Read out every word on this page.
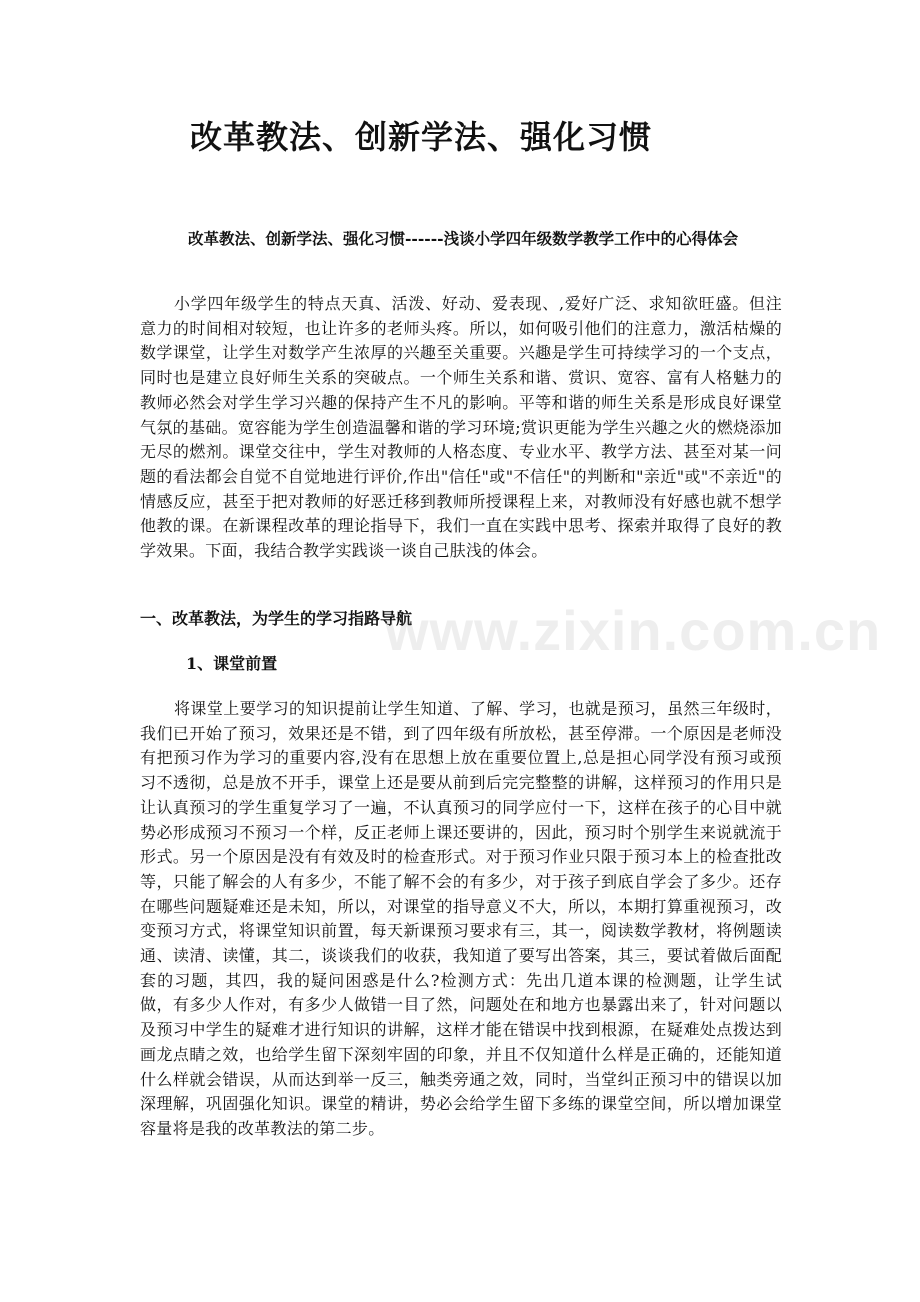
改革教法、创新学法、强化习惯

改革教法、创新学法、强化习惯------浅谈小学四年级数学教学工作中的心得体会

小学四年级学生的特点天真、活泼、好动、爱表现、,爱好广泛、求知欲旺盛。但注意力的时间相对较短，也让许多的老师头疼。所以，如何吸引他们的注意力，激活枯燥的数学课堂，让学生对数学产生浓厚的兴趣至关重要。兴趣是学生可持续学习的一个支点，同时也是建立良好师生关系的突破点。一个师生关系和谐、赏识、宽容、富有人格魅力的教师必然会对学生学习兴趣的保持产生不凡的影响。平等和谐的师生关系是形成良好课堂气氛的基础。宽容能为学生创造温馨和谐的学习环境;赏识更能为学生兴趣之火的燃烧添加无尽的燃剂。课堂交往中，学生对教师的人格态度、专业水平、教学方法、甚至对某一问题的看法都会自觉不自觉地进行评价,作出"信任"或"不信任"的判断和"亲近"或"不亲近"的情感反应，甚至于把对教师的好恶迁移到教师所授课程上来，对教师没有好感也就不想学他教的课。在新课程改革的理论指导下，我们一直在实践中思考、探索并取得了良好的教学效果。下面，我结合教学实践谈一谈自己肤浅的体会。

一、改革教法，为学生的学习指路导航
1、课堂前置

将课堂上要学习的知识提前让学生知道、了解、学习，也就是预习，虽然三年级时，我们已开始了预习，效果还是不错，到了四年级有所放松，甚至停滞。一个原因是老师没有把预习作为学习的重要内容,没有在思想上放在重要位置上,总是担心同学没有预习或预习不透彻，总是放不开手，课堂上还是要从前到后完完整整的讲解，这样预习的作用只是让认真预习的学生重复学习了一遍，不认真预习的同学应付一下，这样在孩子的心目中就势必形成预习不预习一个样，反正老师上课还要讲的，因此，预习时个别学生来说就流于形式。另一个原因是没有有效及时的检查形式。对于预习作业只限于预习本上的检查批改等，只能了解会的人有多少，不能了解不会的有多少，对于孩子到底自学会了多少。还存在哪些问题疑难还是未知，所以，对课堂的指导意义不大，所以，本期打算重视预习，改变预习方式，将课堂知识前置，每天新课预习要求有三，其一，阅读数学教材，将例题读通、读清、读懂，其二，谈谈我们的收获，我知道了要写出答案，其三，要试着做后面配套的习题，其四，我的疑问困惑是什么?检测方式：先出几道本课的检测题，让学生试做，有多少人作对，有多少人做错一目了然，问题处在和地方也暴露出来了，针对问题以及预习中学生的疑难才进行知识的讲解，这样才能在错误中找到根源，在疑难处点拨达到画龙点睛之效，也给学生留下深刻牢固的印象，并且不仅知道什么样是正确的，还能知道什么样就会错误，从而达到举一反三，触类旁通之效，同时，当堂纠正预习中的错误以加深理解，巩固强化知识。课堂的精讲，势必会给学生留下多练的课堂空间，所以增加课堂容量将是我的改革教法的第二步。

www.zixin.com.cn
